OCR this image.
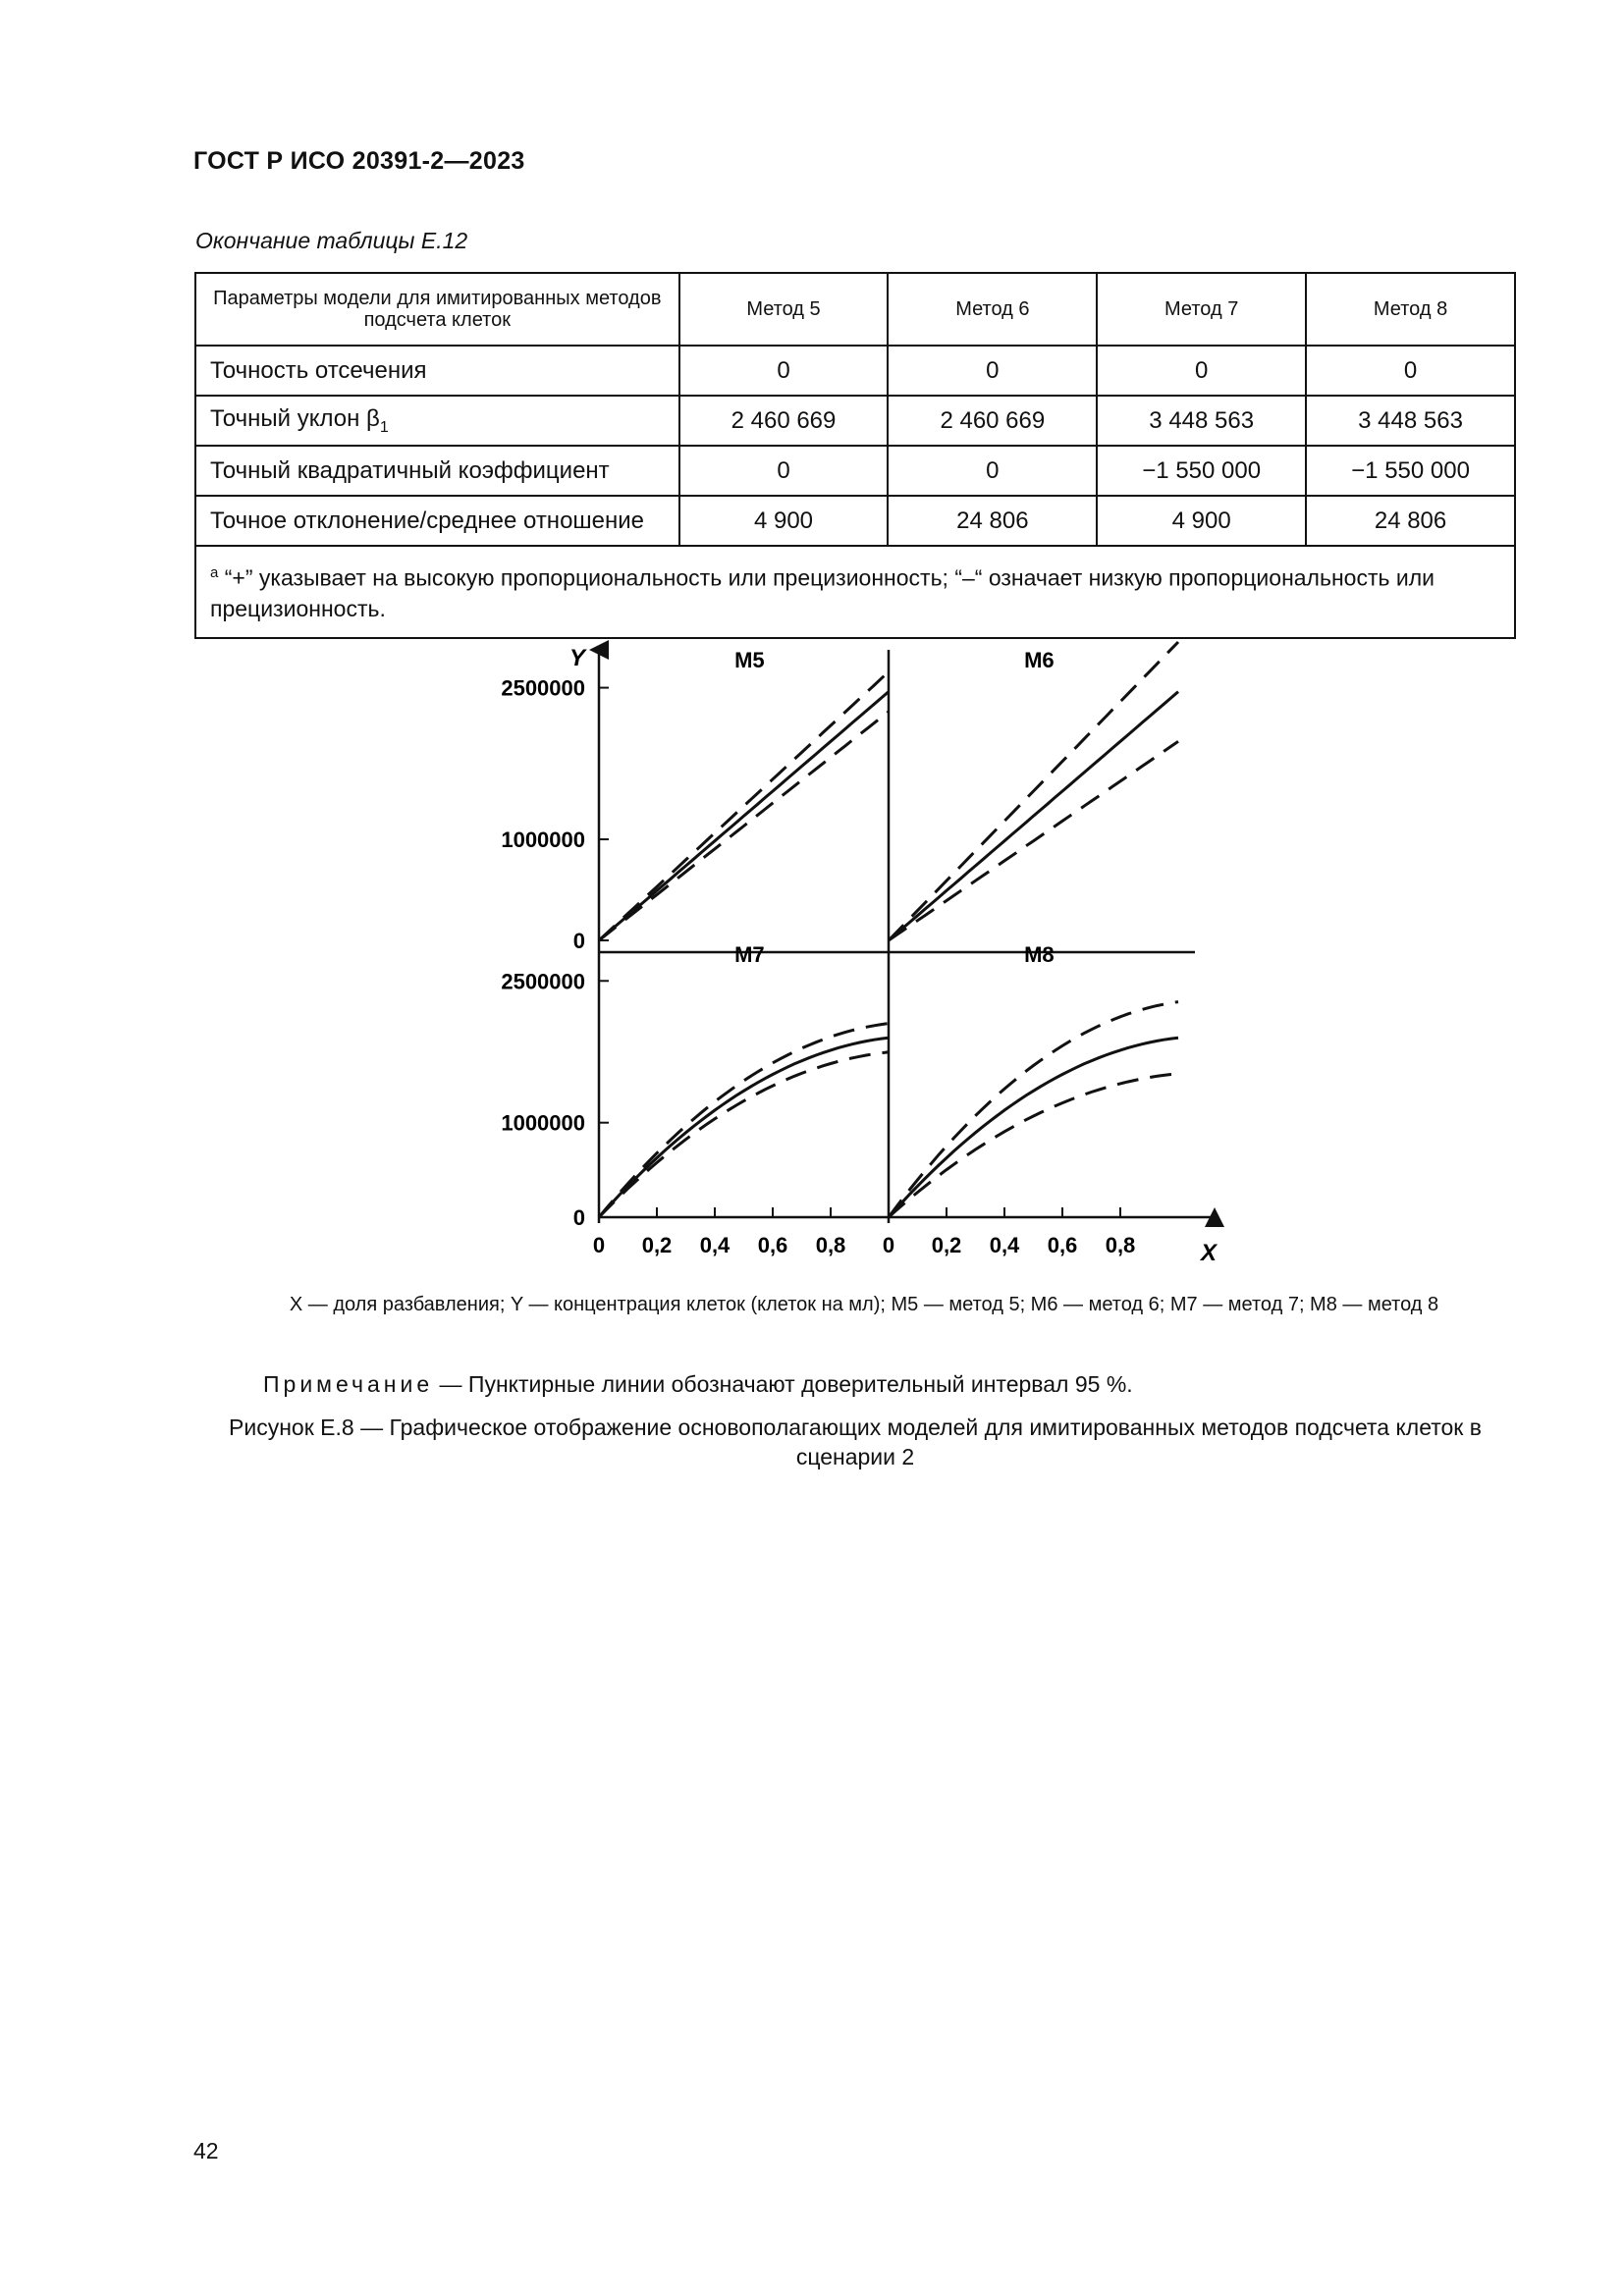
ГОСТ Р ИСО 20391-2—2023
Окончание таблицы Е.12
Параметры модели для имитированных методов подсчета клеток	Метод 5	Метод 6	Метод 7	Метод 8
Точность отсечения	0	0	0	0
Точный уклон $\beta_1$	2 460 669	2 460 669	3 448 563	3 448 563
Точный квадратичный коэффициент	0	0	−1 550 000	−1 550 000
Точное отклонение/среднее отношение	4 900	24 806	4 900	24 806
$^a$ “+” указывает на высокую пропорциональность или прецизионность; “–“ означает низкую пропорциональность или прецизионность.				
Y
X
0
1000000
2500000
0
1000000
2500000
0 0,2 0,4 0,6 0,8 0 0,2 0,4 0,6 0,8
M5	M6
M7	M8
X — доля разбавления; Y — концентрация клеток (клеток на мл); M5 — метод 5; M6 — метод 6; M7 — метод 7; M8 — метод 8
Примечание — Пунктирные линии обозначают доверительный интервал 95 %.
Рисунок Е.8 — Графическое отображение основополагающих моделей для имитированных методов подсчета клеток в сценарии 2
42
